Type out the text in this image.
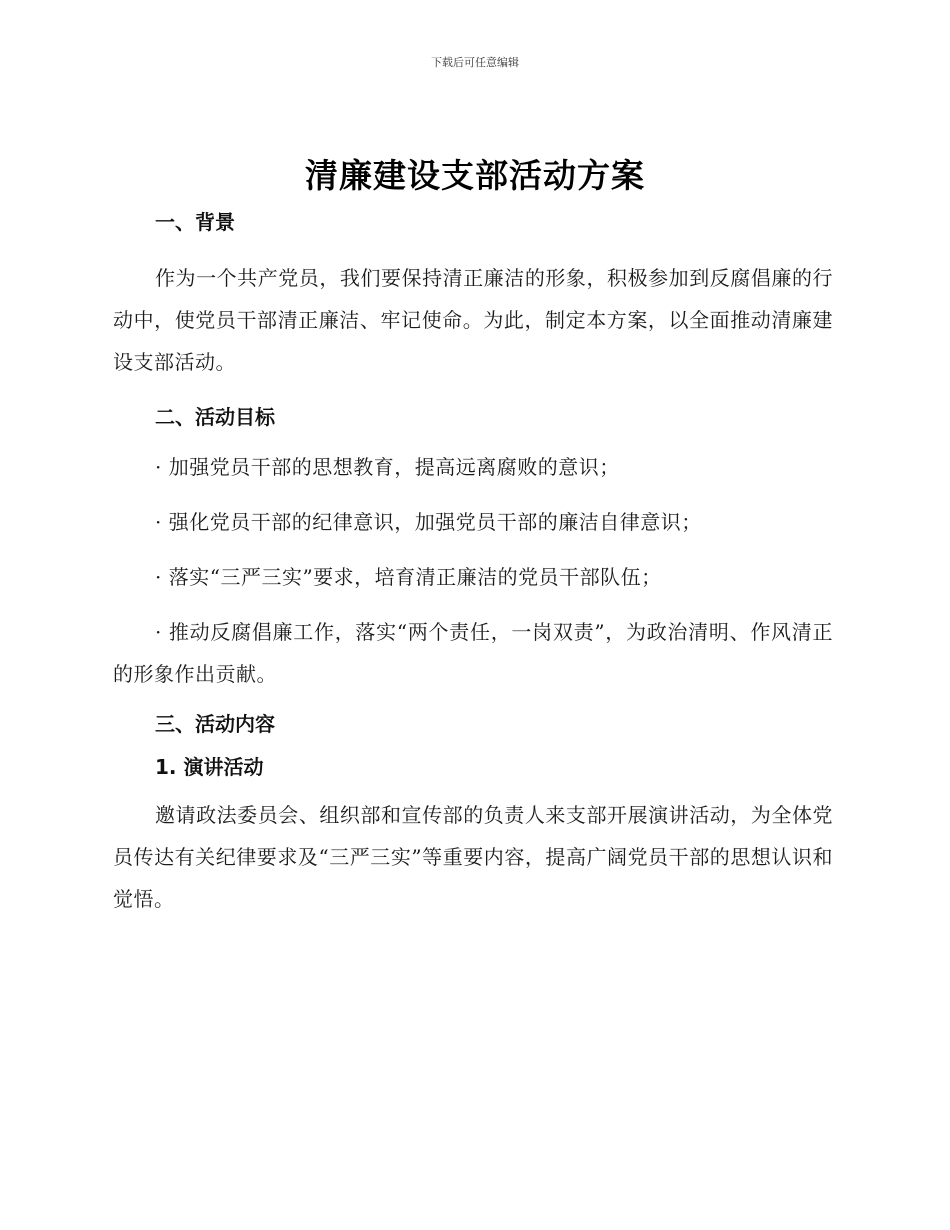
下载后可任意编辑
清廉建设支部活动方案

一、背景

作为一个共产党员，我们要保持清正廉洁的形象，积极参加到反腐倡廉的行动中，使党员干部清正廉洁、牢记使命。为此，制定本方案，以全面推动清廉建设支部活动。

二、活动目标

· 加强党员干部的思想教育，提高远离腐败的意识；

· 强化党员干部的纪律意识，加强党员干部的廉洁自律意识；

· 落实“三严三实”要求，培育清正廉洁的党员干部队伍；

· 推动反腐倡廉工作，落实“两个责任，一岗双责”，为政治清明、作风清正的形象作出贡献。

三、活动内容

1. 演讲活动

邀请政法委员会、组织部和宣传部的负责人来支部开展演讲活动，为全体党员传达有关纪律要求及“三严三实”等重要内容，提高广阔党员干部的思想认识和觉悟。
